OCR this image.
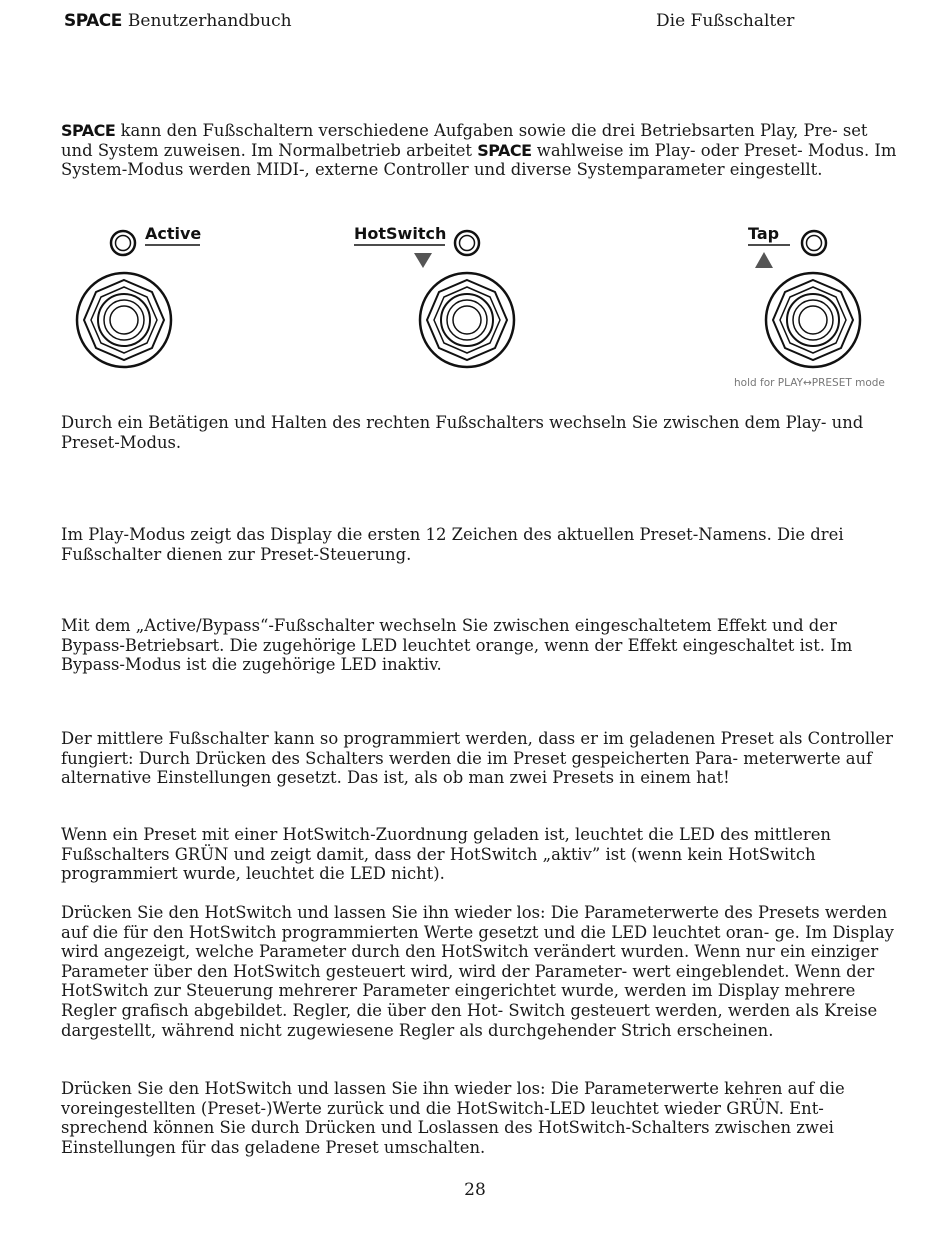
SPACE Benutzerhandbuch	Die Fußschalter

SPACE kann den Fußschaltern verschiedene Aufgaben sowie die drei Betriebsarten Play, Pre- set und System zuweisen. Im Normalbetrieb arbeitet SPACE wahlweise im Play- oder Preset- Modus. Im System-Modus werden MIDI-, externe Controller und diverse Systemparameter eingestellt.

Active	HotSwitch	Tap
hold for PLAY↔PRESET mode

Durch ein Betätigen und Halten des rechten Fußschalters wechseln Sie zwischen dem Play- und Preset-Modus.

Im Play-Modus zeigt das Display die ersten 12 Zeichen des aktuellen Preset-Namens. Die drei Fußschalter dienen zur Preset-Steuerung.

Mit dem „Active/Bypass“-Fußschalter wechseln Sie zwischen eingeschaltetem Effekt und der Bypass-Betriebsart. Die zugehörige LED leuchtet orange, wenn der Effekt eingeschaltet ist. Im Bypass-Modus ist die zugehörige LED inaktiv.

Der mittlere Fußschalter kann so programmiert werden, dass er im geladenen Preset als Controller fungiert: Durch Drücken des Schalters werden die im Preset gespeicherten Para- meterwerte auf alternative Einstellungen gesetzt. Das ist, als ob man zwei Presets in einem hat!

Wenn ein Preset mit einer HotSwitch-Zuordnung geladen ist, leuchtet die LED des mittleren Fußschalters GRÜN und zeigt damit, dass der HotSwitch „aktiv” ist (wenn kein HotSwitch programmiert wurde, leuchtet die LED nicht).

Drücken Sie den HotSwitch und lassen Sie ihn wieder los: Die Parameterwerte des Presets werden auf die für den HotSwitch programmierten Werte gesetzt und die LED leuchtet oran- ge. Im Display wird angezeigt, welche Parameter durch den HotSwitch verändert wurden. Wenn nur ein einziger Parameter über den HotSwitch gesteuert wird, wird der Parameter- wert eingeblendet. Wenn der HotSwitch zur Steuerung mehrerer Parameter eingerichtet wurde, werden im Display mehrere Regler grafisch abgebildet. Regler, die über den Hot- Switch gesteuert werden, werden als Kreise dargestellt, während nicht zugewiesene Regler als durchgehender Strich erscheinen.

Drücken Sie den HotSwitch und lassen Sie ihn wieder los: Die Parameterwerte kehren auf die voreingestellten (Preset-)Werte zurück und die HotSwitch-LED leuchtet wieder GRÜN. Ent- sprechend können Sie durch Drücken und Loslassen des HotSwitch-Schalters zwischen zwei Einstellungen für das geladene Preset umschalten.

28
